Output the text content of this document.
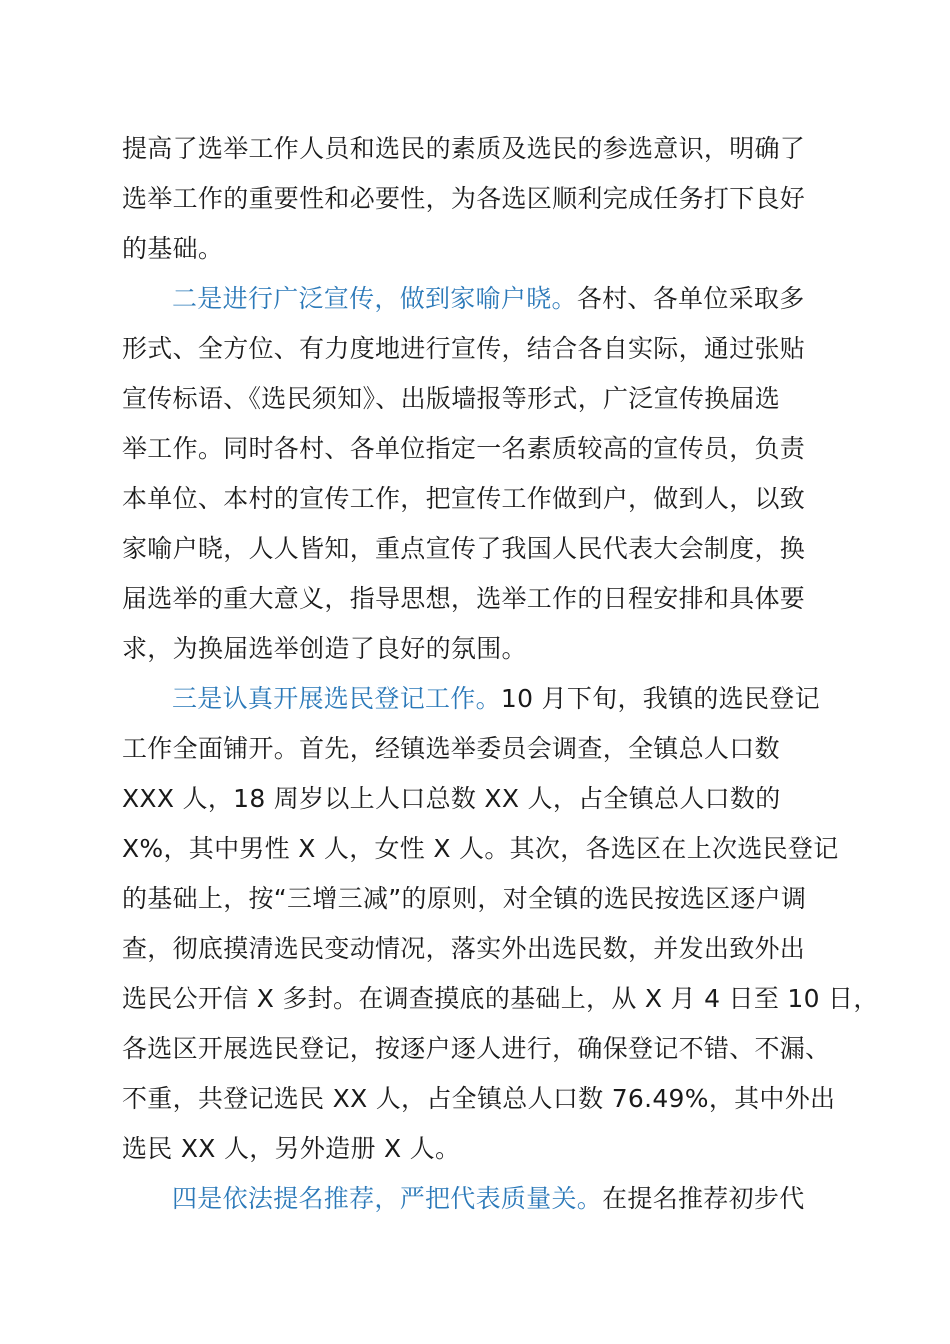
提高了选举工作人员和选民的素质及选民的参选意识，明确了
选举工作的重要性和必要性，为各选区顺利完成任务打下良好
的基础。
二是进行广泛宣传，做到家喻户晓。各村、各单位采取多
形式、全方位、有力度地进行宣传，结合各自实际，通过张贴
宣传标语、《选民须知》、出版墙报等形式，广泛宣传换届选
举工作。同时各村、各单位指定一名素质较高的宣传员，负责
本单位、本村的宣传工作，把宣传工作做到户，做到人，以致
家喻户晓，人人皆知，重点宣传了我国人民代表大会制度，换
届选举的重大意义，指导思想，选举工作的日程安排和具体要
求，为换届选举创造了良好的氛围。
三是认真开展选民登记工作。10 月下旬，我镇的选民登记
工作全面铺开。首先，经镇选举委员会调查，全镇总人口数
XXX 人，18 周岁以上人口总数 XX 人，占全镇总人口数的
X%，其中男性 X 人，女性 X 人。其次，各选区在上次选民登记
的基础上，按“三增三减”的原则，对全镇的选民按选区逐户调
查，彻底摸清选民变动情况，落实外出选民数，并发出致外出
选民公开信 X 多封。在调查摸底的基础上，从 X 月 4 日至 10 日，
各选区开展选民登记，按逐户逐人进行，确保登记不错、不漏、
不重，共登记选民 XX 人，占全镇总人口数 76.49%，其中外出
选民 XX 人，另外造册 X 人。
四是依法提名推荐，严把代表质量关。在提名推荐初步代
